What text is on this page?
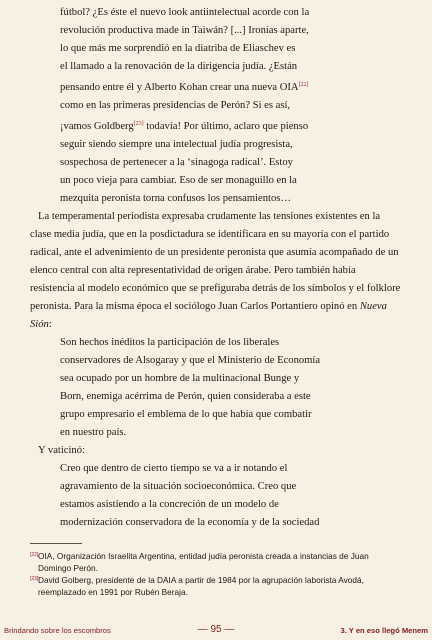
fútbol? ¿Es éste el nuevo look antiintelectual acorde con la
revolución productiva made in Taiwán? [...] Ironías aparte,
lo que más me sorprendió en la diatriba de Eliaschev es
el llamado a la renovación de la dirigencia judía. ¿Están
pensando entre él y Alberto Kohan crear una nueva OIA[22]
como en las primeras presidencias de Perón? Si es así,
¡vamos Goldberg[23] todavía! Por último, aclaro que pienso
seguir siendo siempre una intelectual judía progresista,
sospechosa de pertenecer a la ‘sinagoga radical’. Estoy
un poco vieja para cambiar. Eso de ser monaguillo en la
mezquita peronista torna confusos los pensamientos…

La temperamental periodista expresaba crudamente las tensiones existentes en la clase media judía, que en la posdictadura se identificara en su mayoría con el partido radical, ante el advenimiento de un presidente peronista que asumía acompañado de un elenco central con alta representatividad de origen árabe. Pero también había resistencia al modelo económico que se prefiguraba detrás de los símbolos y el folklore peronista. Para la misma época el sociólogo Juan Carlos Portantiero opinó en Nueva Sión:

Son hechos inéditos la participación de los liberales
conservadores de Alsogaray y que el Ministerio de Economía
sea ocupado por un hombre de la multinacional Bunge y
Born, enemiga acérrima de Perón, quien consideraba a este
grupo empresario el emblema de lo que había que combatir
en nuestro país.

Y vaticinó:

Creo que dentro de cierto tiempo se va a ir notando el
agravamiento de la situación socioeconómica. Creo que
estamos asistiendo a la concreción de un modelo de
modernización conservadora de la economía y de la sociedad
[22] OIA, Organización Israelita Argentina, entidad judía peronista creada a instancias de Juan Domingo Perón.
[23] David Golberg, presidente de la DAIA a partir de 1984 por la agrupación laborista Avodá, reemplazado en 1991 por Rubén Beraja.
Brindando sobre los escombros	— 95 —	3. Y en eso llegó Menem
